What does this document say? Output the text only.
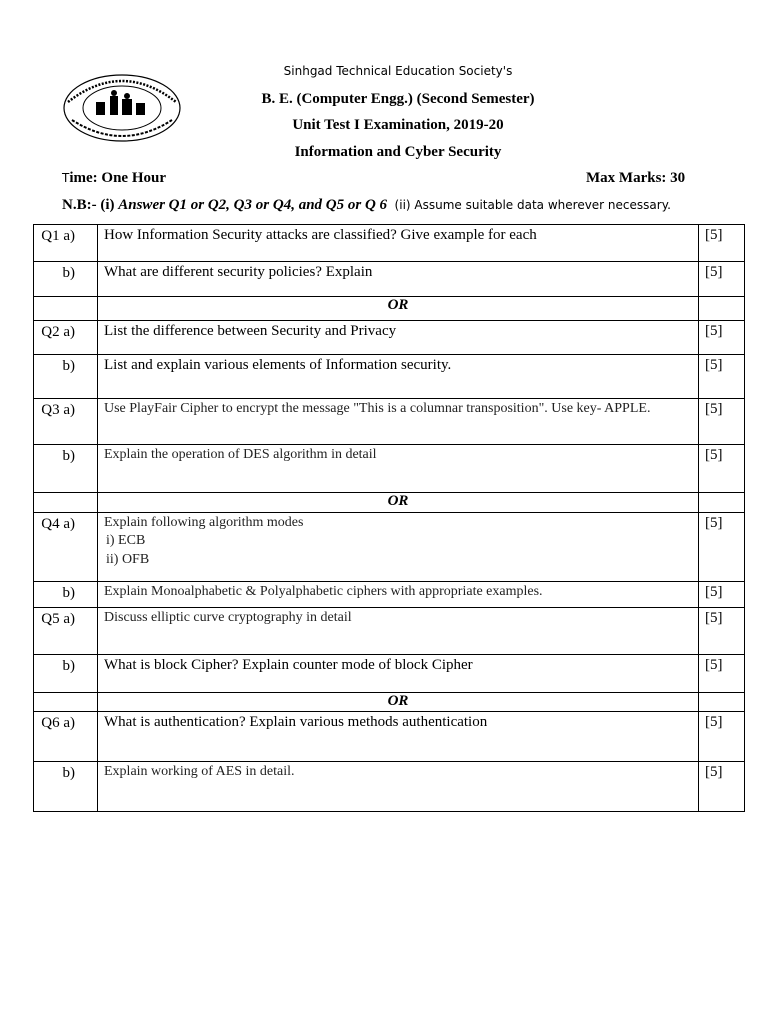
Sinhgad Technical Education Society's
B. E. (Computer Engg.) (Second Semester)
Unit Test I Examination, 2019-20
Information and Cyber Security
Time: One Hour	Max Marks: 30
N.B:- (i) Answer Q1 or Q2, Q3 or Q4, and Q5 or Q 6 (ii) Assume suitable data wherever necessary.
Q1 a)	How Information Security attacks are classified? Give example for each	[5]
b)	What are different security policies? Explain	[5]
	OR	
Q2 a)	List the difference between Security and Privacy	[5]
b)	List and explain various elements of Information security.	[5]
Q3 a)	Use PlayFair Cipher to encrypt the message "This is a columnar transposition". Use key- APPLE.	[5]
b)	Explain the operation of DES algorithm in detail	[5]
	OR	
Q4 a)	Explain following algorithm modes
i) ECB
ii) OFB	[5]
b)	Explain Monoalphabetic & Polyalphabetic ciphers with appropriate examples.	[5]
Q5 a)	Discuss elliptic curve cryptography in detail	[5]
b)	What is block Cipher? Explain counter mode of block Cipher	[5]
	OR	
Q6 a)	What is authentication? Explain various methods authentication	[5]
b)	Explain working of AES in detail.	[5]
